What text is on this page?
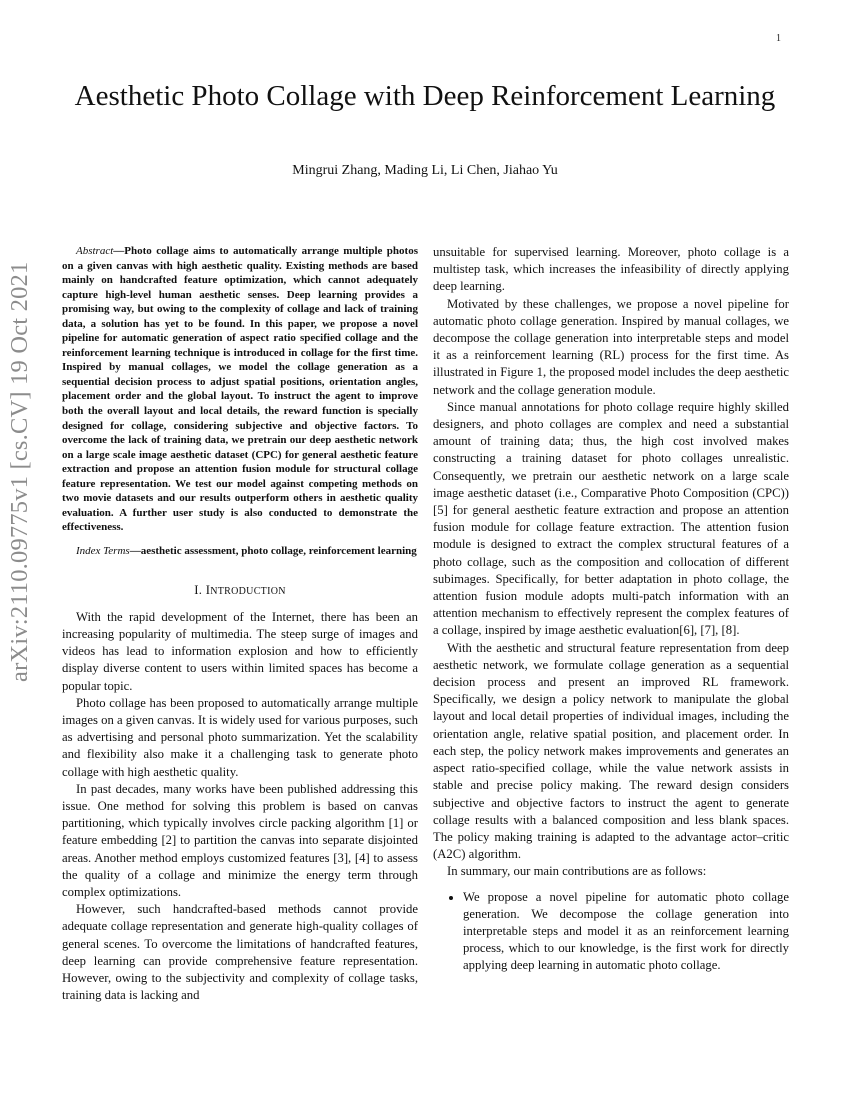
1
arXiv:2110.09775v1 [cs.CV] 19 Oct 2021
Aesthetic Photo Collage with Deep Reinforcement Learning
Mingrui Zhang, Mading Li, Li Chen, Jiahao Yu

Abstract—Photo collage aims to automatically arrange multiple photos on a given canvas with high aesthetic quality. Existing methods are based mainly on handcrafted feature optimization, which cannot adequately capture high-level human aesthetic senses. Deep learning provides a promising way, but owing to the complexity of collage and lack of training data, a solution has yet to be found. In this paper, we propose a novel pipeline for automatic generation of aspect ratio specified collage and the reinforcement learning technique is introduced in collage for the first time. Inspired by manual collages, we model the collage generation as a sequential decision process to adjust spatial positions, orientation angles, placement order and the global layout. To instruct the agent to improve both the overall layout and local details, the reward function is specially designed for collage, considering subjective and objective factors. To overcome the lack of training data, we pretrain our deep aesthetic network on a large scale image aesthetic dataset (CPC) for general aesthetic feature extraction and propose an attention fusion module for structural collage feature representation. We test our model against competing methods on two movie datasets and our results outperform others in aesthetic quality evaluation. A further user study is also conducted to demonstrate the effectiveness.

Index Terms—aesthetic assessment, photo collage, reinforcement learning

I. INTRODUCTION

With the rapid development of the Internet, there has been an increasing popularity of multimedia. The steep surge of images and videos has lead to information explosion and how to efficiently display diverse content to users within limited spaces has become a popular topic.

Photo collage has been proposed to automatically arrange multiple images on a given canvas. It is widely used for various purposes, such as advertising and personal photo summarization. Yet the scalability and flexibility also make it a challenging task to generate photo collage with high aesthetic quality.

In past decades, many works have been published addressing this issue. One method for solving this problem is based on canvas partitioning, which typically involves circle packing algorithm [1] or feature embedding [2] to partition the canvas into separate disjointed areas. Another method employs customized features [3], [4] to assess the quality of a collage and minimize the energy term through complex optimizations.

However, such handcrafted-based methods cannot provide adequate collage representation and generate high-quality collages of general scenes. To overcome the limitations of handcrafted features, deep learning can provide comprehensive feature representation. However, owing to the subjectivity and complexity of collage tasks, training data is lacking and

unsuitable for supervised learning. Moreover, photo collage is a multistep task, which increases the infeasibility of directly applying deep learning.

Motivated by these challenges, we propose a novel pipeline for automatic photo collage generation. Inspired by manual collages, we decompose the collage generation into interpretable steps and model it as a reinforcement learning (RL) process for the first time. As illustrated in Figure 1, the proposed model includes the deep aesthetic network and the collage generation module.

Since manual annotations for photo collage require highly skilled designers, and photo collages are complex and need a substantial amount of training data; thus, the high cost involved makes constructing a training dataset for photo collages unrealistic. Consequently, we pretrain our aesthetic network on a large scale image aesthetic dataset (i.e., Comparative Photo Composition (CPC)) [5] for general aesthetic feature extraction and propose an attention fusion module for collage feature extraction. The attention fusion module is designed to extract the complex structural features of a photo collage, such as the composition and collocation of different subimages. Specifically, for better adaptation in photo collage, the attention fusion module adopts multi-patch information with an attention mechanism to effectively represent the complex features of a collage, inspired by image aesthetic evaluation[6], [7], [8].

With the aesthetic and structural feature representation from deep aesthetic network, we formulate collage generation as a sequential decision process and present an improved RL framework. Specifically, we design a policy network to manipulate the global layout and local detail properties of individual images, including the orientation angle, relative spatial position, and placement order. In each step, the policy network makes improvements and generates an aspect ratio-specified collage, while the value network assists in stable and precise policy making. The reward design considers subjective and objective factors to instruct the agent to generate collage results with a balanced composition and less blank spaces. The policy making training is adapted to the advantage actor–critic (A2C) algorithm.

In summary, our main contributions are as follows:

• We propose a novel pipeline for automatic photo collage generation. We decompose the collage generation into interpretable steps and model it as an reinforcement learning process, which to our knowledge, is the first work for directly applying deep learning in automatic photo collage.
